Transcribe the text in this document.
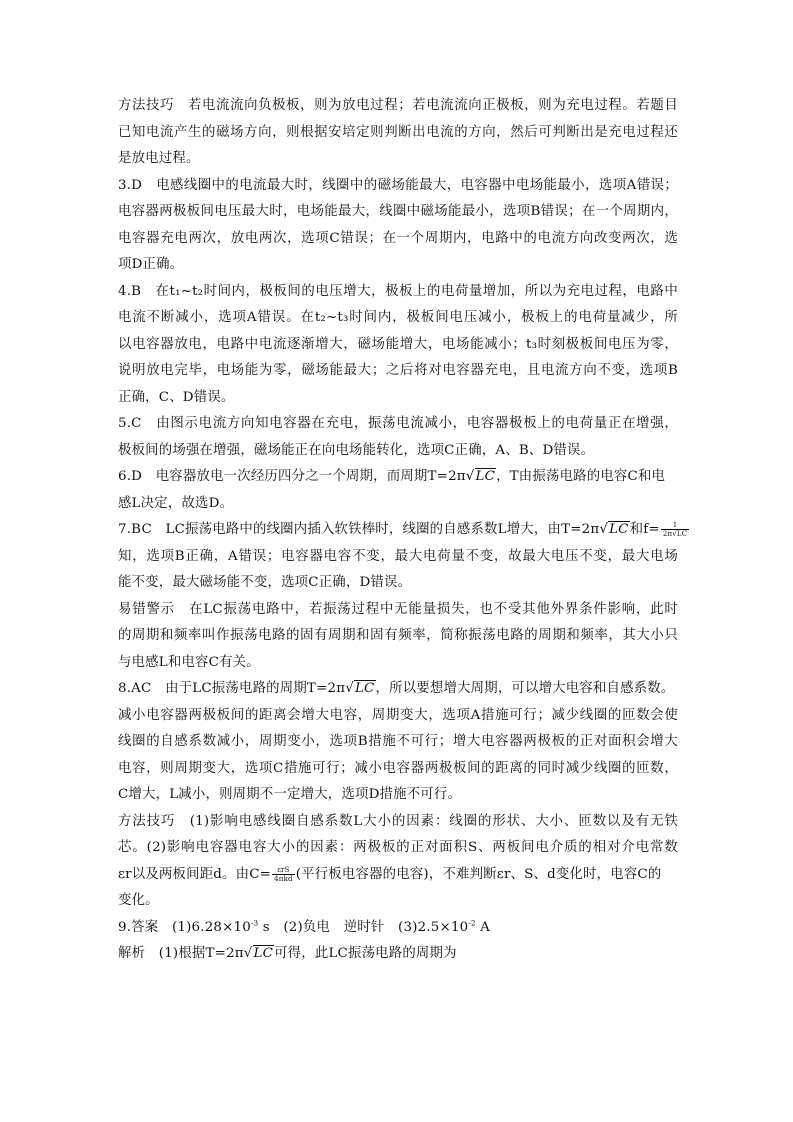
方法技巧　若电流流向负极板，则为放电过程；若电流流向正极板，则为充电过程。若题目
已知电流产生的磁场方向，则根据安培定则判断出电流的方向，然后可判断出是充电过程还
是放电过程。
3.D　电感线圈中的电流最大时，线圈中的磁场能最大，电容器中电场能最小，选项A错误；
电容器两极板间电压最大时，电场能最大，线圈中磁场能最小，选项B错误；在一个周期内，
电容器充电两次，放电两次，选项C错误；在一个周期内，电路中的电流方向改变两次，选
项D正确。
4.B　在t₁~t₂时间内，极板间的电压增大，极板上的电荷量增加，所以为充电过程，电路中
电流不断减小，选项A错误。在t₂~t₃时间内，极板间电压减小，极板上的电荷量减少，所
以电容器放电，电路中电流逐渐增大，磁场能增大，电场能减小；t₃时刻极板间电压为零，
说明放电完毕，电场能为零，磁场能最大；之后将对电容器充电，且电流方向不变，选项B
正确，C、D错误。
5.C　由图示电流方向知电容器在充电，振荡电流减小，电容器极板上的电荷量正在增强，
极板间的场强在增强，磁场能正在向电场能转化，选项C正确，A、B、D错误。
6.D　电容器放电一次经历四分之一个周期，而周期T=2π√LC，T由振荡电路的电容C和电
感L决定，故选D。
7.BC　LC振荡电路中的线圈内插入软铁棒时，线圈的自感系数L增大，由T=2π√LC和$f= \frac{1}{2\pi√LC}$
知，选项B正确，A错误；电容器电容不变，最大电荷量不变，故最大电压不变，最大电场
能不变，最大磁场能不变，选项C正确，D错误。
易错警示　在LC振荡电路中，若振荡过程中无能量损失，也不受其他外界条件影响，此时
的周期和频率叫作振荡电路的固有周期和固有频率，简称振荡电路的周期和频率，其大小只
与电感L和电容C有关。
8.AC　由于LC振荡电路的周期T=2π√LC，所以要想增大周期，可以增大电容和自感系数。
减小电容器两极板间的距离会增大电容，周期变大，选项A措施可行；减少线圈的匝数会使
线圈的自感系数减小，周期变小，选项B措施不可行；增大电容器两极板的正对面积会增大
电容，则周期变大，选项C措施可行；减小电容器两极板间的距离的同时减少线圈的匝数，
C增大，L减小，则周期不一定增大，选项D措施不可行。
方法技巧　(1)影响电感线圈自感系数L大小的因素：线圈的形状、大小、匝数以及有无铁
芯。(2)影响电容器电容大小的因素：两极板的正对面积S、两板间电介质的相对介电常数
εr以及两板间距d。由$C= \frac{\text{εrS}}{\text{4πkd}}$ (平行板电容器的电容)，不难判断εr、S、d变化时，电容C的
变化。
9.答案　$(1)6.28\times 10^{-3}$ s　(2)负电　逆时针　$(3)2.5\times 10^{-2}$ A
解析　(1)根据T=2π√LC可得，此LC振荡电路的周期为
